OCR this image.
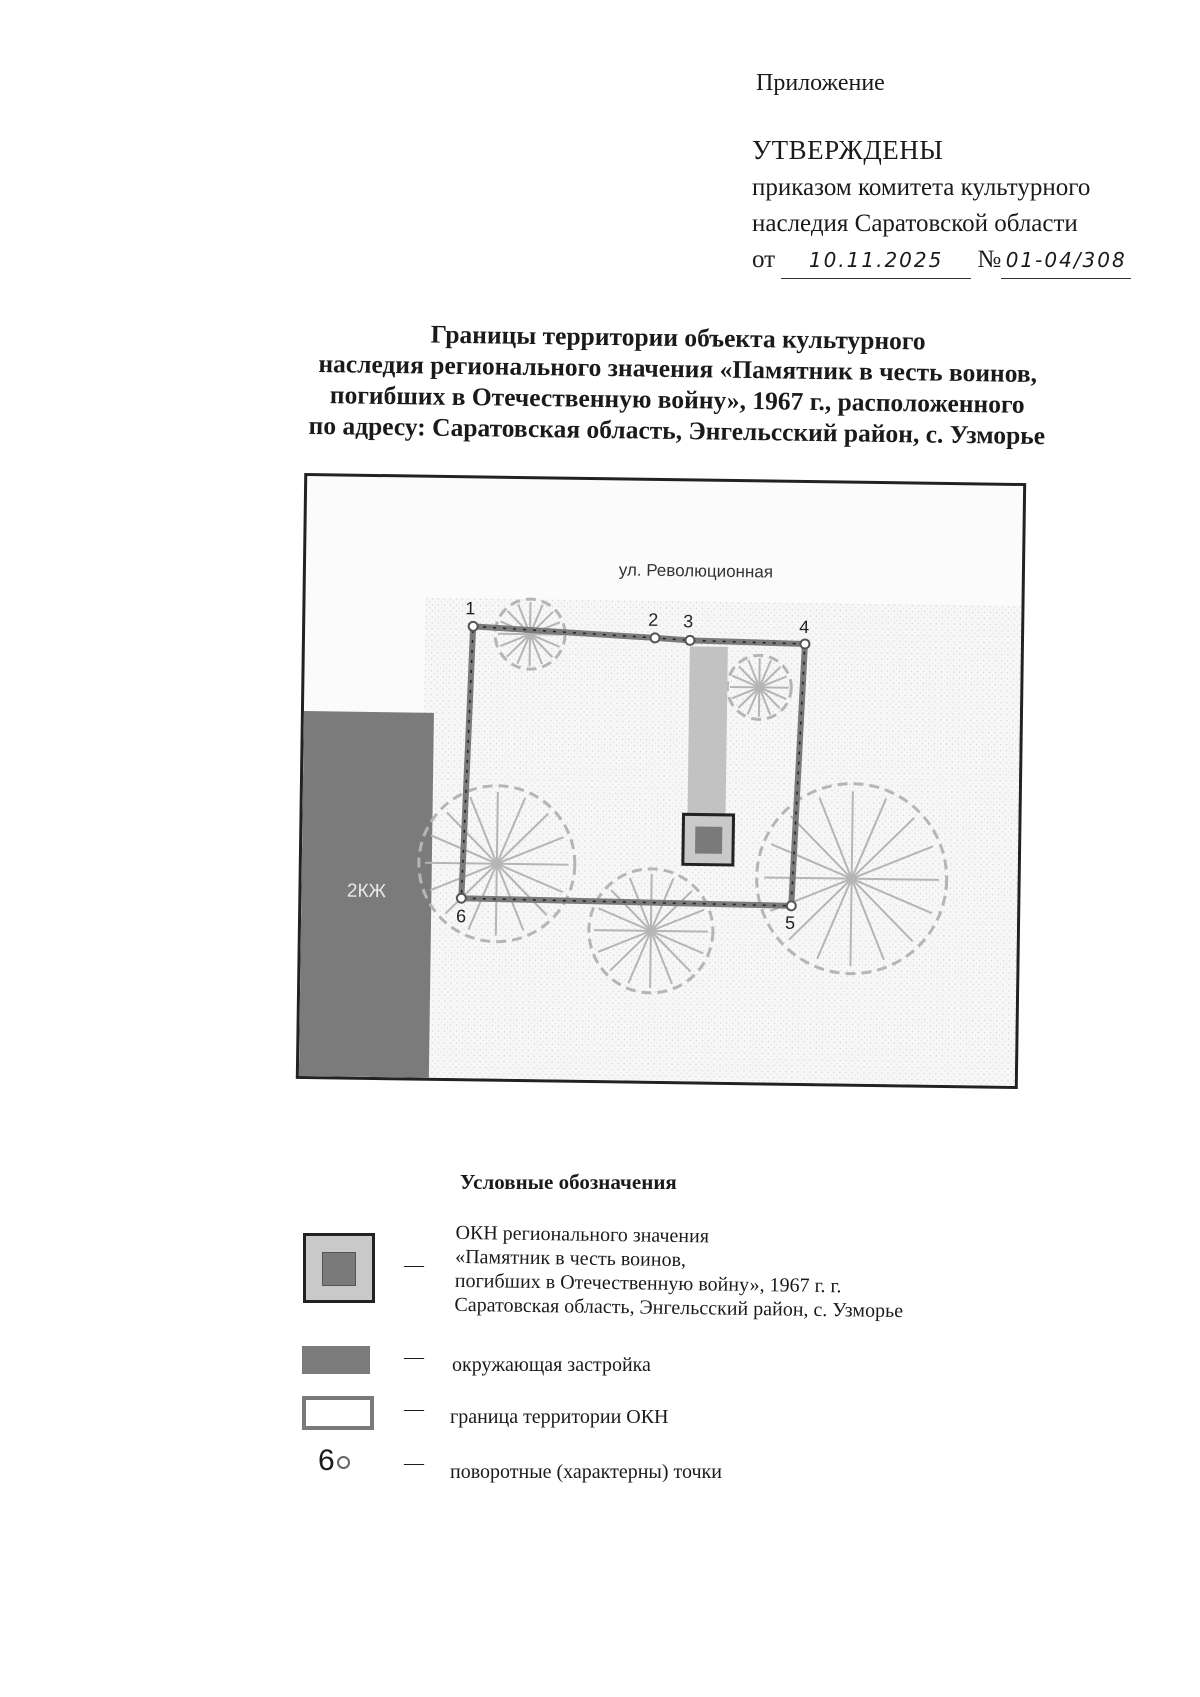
Приложение
УТВЕРЖДЕНЫ
приказом комитета культурного
наследия Саратовской области
от 10.11.2025 № 01-04/308
Границы территории объекта культурного
наследия регионального значения «Памятник в честь воинов,
погибших в Отечественную войну», 1967 г., расположенного
по адресу: Саратовская область, Энгельсский район, с. Узморье
2КЖ
ул. Революционная
1
2 3	4
5
6
Условные обозначения
—
ОКН регионального значения
«Памятник в честь воинов,
погибших в Отечественную войну», 1967 г. г.
Саратовская область, Энгельсский район, с. Узморье
— окружающая застройка
— граница территории ОКН
6	— поворотные (характерны) точки
